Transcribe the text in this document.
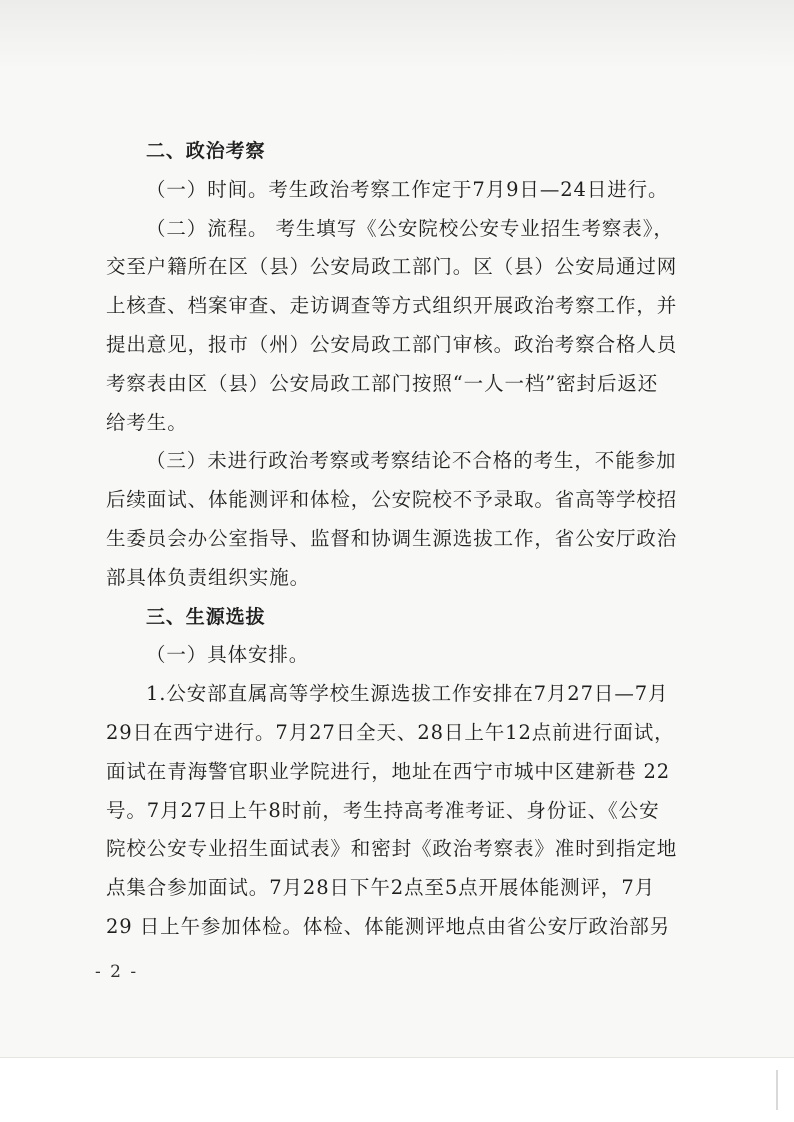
二、政治考察
（一）时间。考生政治考察工作定于7月9日—24日进行。
（二）流程。 考生填写《公安院校公安专业招生考察表》，
交至户籍所在区（县）公安局政工部门。区（县）公安局通过网
上核查、档案审查、走访调查等方式组织开展政治考察工作，并
提出意见，报市（州）公安局政工部门审核。政治考察合格人员
考察表由区（县）公安局政工部门按照“一人一档”密封后返还
给考生。
（三）未进行政治考察或考察结论不合格的考生，不能参加
后续面试、体能测评和体检，公安院校不予录取。省高等学校招
生委员会办公室指导、监督和协调生源选拔工作，省公安厅政治
部具体负责组织实施。
三、生源选拔
（一）具体安排。
1.公安部直属高等学校生源选拔工作安排在7月27日—7月
29日在西宁进行。7月27日全天、28日上午12点前进行面试，
面试在青海警官职业学院进行，地址在西宁市城中区建新巷 22
号。7月27日上午8时前，考生持高考准考证、身份证、《公安
院校公安专业招生面试表》和密封《政治考察表》准时到指定地
点集合参加面试。7月28日下午2点至5点开展体能测评，7月
29 日上午参加体检。体检、体能测评地点由省公安厅政治部另
- 2 -
